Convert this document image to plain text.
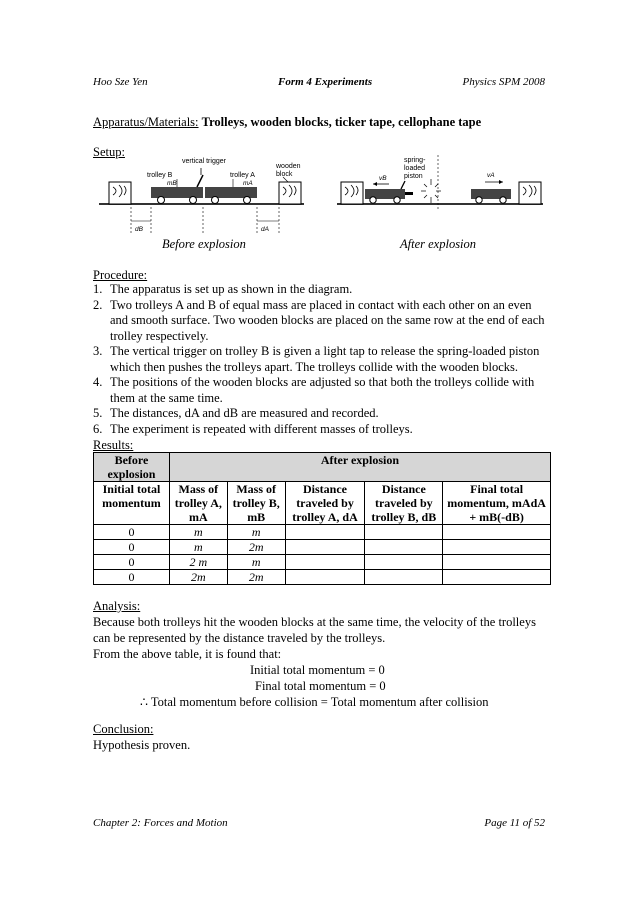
Hoo Sze Yen	Form 4 Experiments	Physics SPM 2008
Apparatus/Materials: Trolleys, wooden blocks, ticker tape, cellophane tape
Setup:
vertical trigger
trolley B	trolley A
wooden
block
mB	mA
dB	dA
spring-
loaded
piston
vB	vA
Before explosion	After explosion
Procedure:
1. The apparatus is set up as shown in the diagram.
2. Two trolleys A and B of equal mass are placed in contact with each other on an even and smooth surface. Two wooden blocks are placed on the same row at the end of each trolley respectively.
3. The vertical trigger on trolley B is given a light tap to release the spring-loaded piston which then pushes the trolleys apart. The trolleys collide with the wooden blocks.
4. The positions of the wooden blocks are adjusted so that both the trolleys collide with them at the same time.
5. The distances, dA and dB are measured and recorded.
6. The experiment is repeated with different masses of trolleys.
Results:
Before explosion	After explosion				
Initial total momentum	Mass of trolley A, mA	Mass of trolley B, mB	Distance traveled by trolley A, dA	Distance traveled by trolley B, dB	Final total momentum, mAdA + mB(-dB)
0	m	m			
0	m	2m			
0	2 m	m			
0	2m	2m			
Analysis:
Because both trolleys hit the wooden blocks at the same time, the velocity of the trolleys
can be represented by the distance traveled by the trolleys.
From the above table, it is found that:
Initial total momentum = 0
Final total momentum = 0
∴ Total momentum before collision = Total momentum after collision
Conclusion:
Hypothesis proven.
Chapter 2: Forces and Motion	Page 11 of 52
